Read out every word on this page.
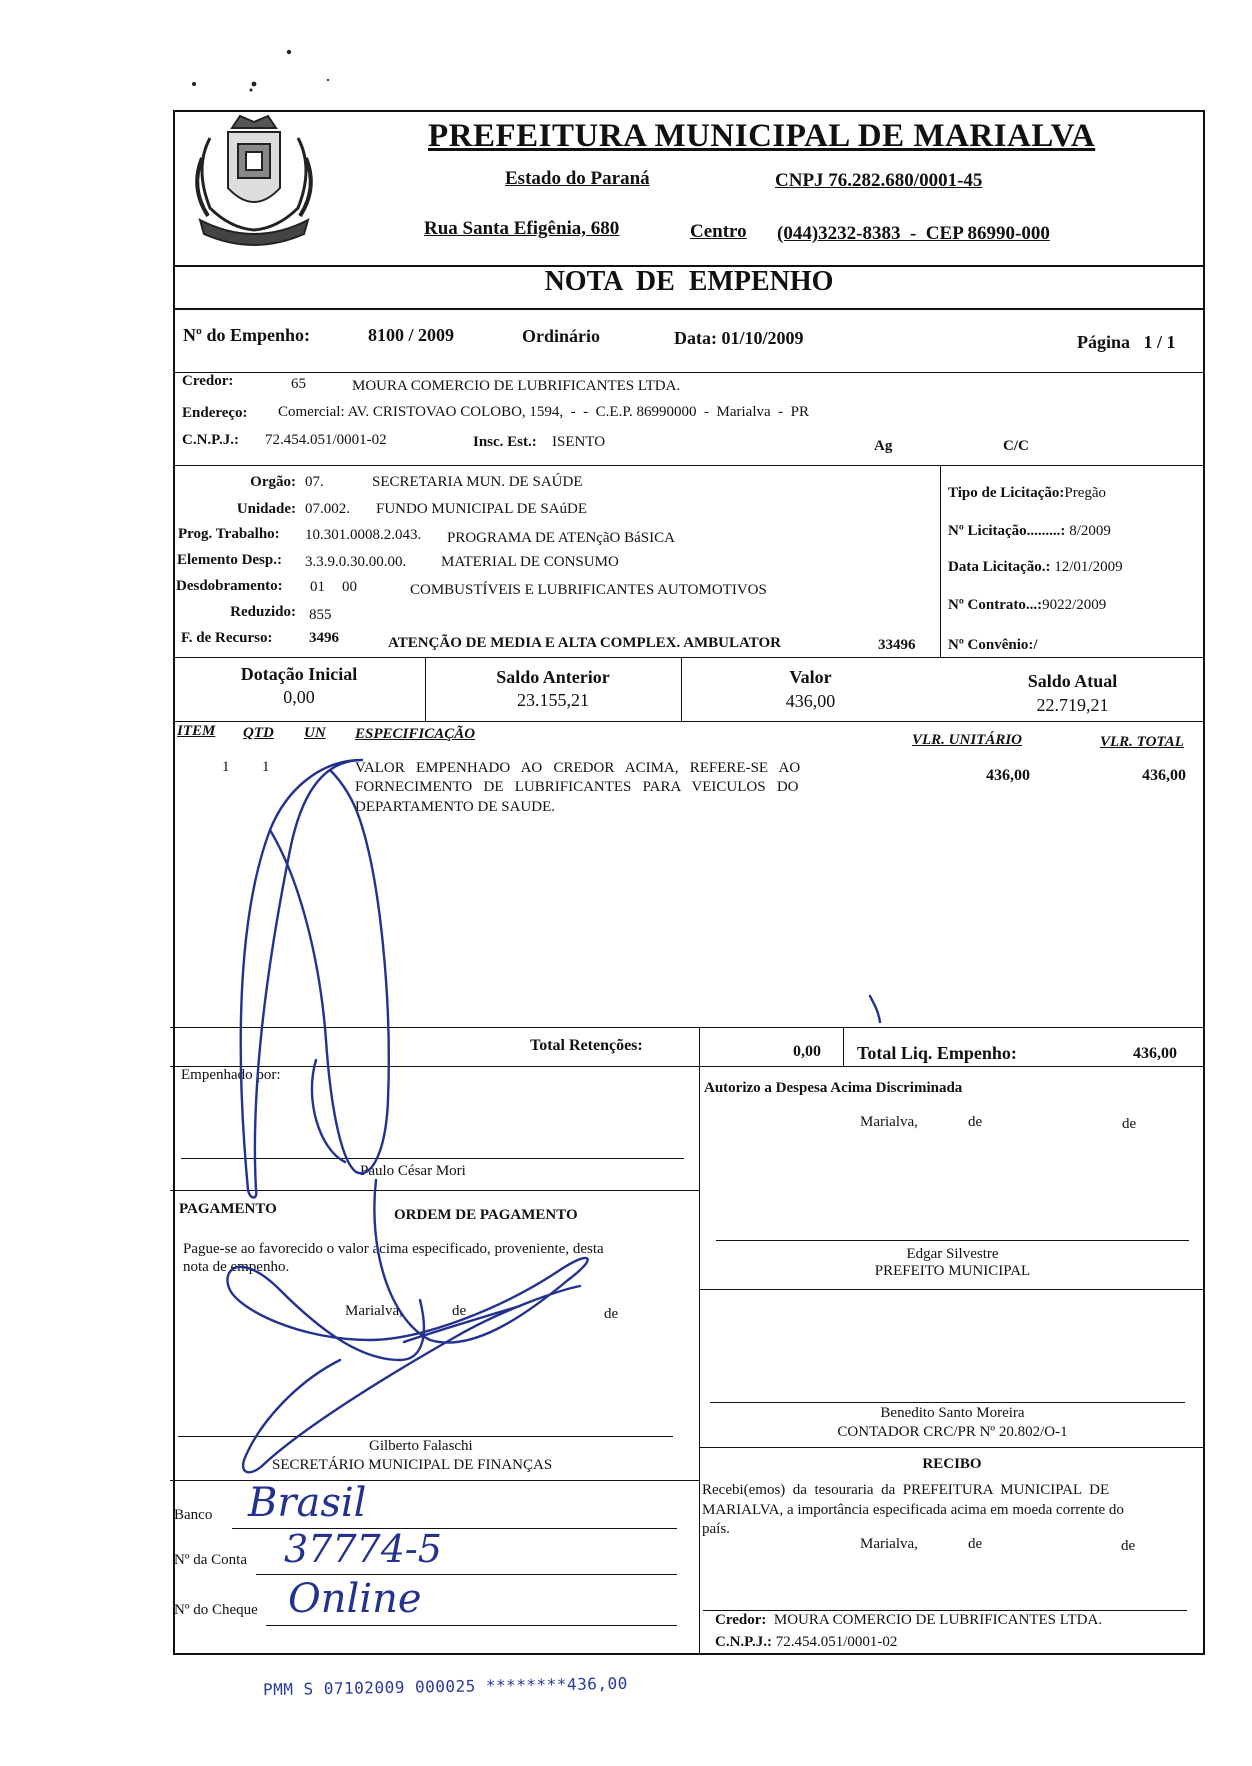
PREFEITURA MUNICIPAL DE MARIALVA
Estado do Paraná	CNPJ 76.282.680/0001-45
Rua Santa Efigênia, 680	Centro (044)3232-8383  -  CEP 86990-000
NOTA  DE  EMPENHO
Nº do Empenho:	8100 / 2009	Ordinário	Data: 01/10/2009	Página   1 / 1
Credor:	65	MOURA COMERCIO DE LUBRIFICANTES LTDA.
Endereço: Comercial: AV. CRISTOVAO COLOBO, 1594,  -  -  C.E.P. 86990000  -  Marialva  -  PR
C.N.P.J.: 72.454.051/0001-02	Insc. Est.: ISENTO	Ag	C/C
Orgão: 07.	SECRETARIA MUN. DE SAÚDE
Unidade: 07.002. FUNDO MUNICIPAL DE SAúDE
Prog. Trabalho: 10.301.0008.2.043. PROGRAMA DE ATENçãO BáSICA
Elemento Desp.: 3.3.9.0.30.00.00. MATERIAL DE CONSUMO
Desdobramento: 01 00	COMBUSTÍVEIS E LUBRIFICANTES AUTOMOTIVOS
Reduzido: 855
F. de Recurso: 3496	ATENÇÃO DE MEDIA E ALTA COMPLEX. AMBULATOR	33496
Tipo de Licitação:Pregão
Nº Licitação.........: 8/2009
Data Licitação.: 12/01/2009
Nº Contrato...:9022/2009
Nº Convênio:/
Dotação Inicial
0,00
Saldo Anterior
23.155,21
Valor
436,00
Saldo Atual
22.719,21
ITEM QTD UN ESPECIFICAÇÃO	VLR. UNITÁRIO	VLR. TOTAL
1 1	VALOR   EMPENHADO   AO   CREDOR   ACIMA,   REFERE-SE   AO
FORNECIMENTO   DE   LUBRIFICANTES   PARA   VEICULOS   DO
DEPARTAMENTO DE SAUDE.
436,00	436,00
Total Retenções:	0,00 Total Liq. Empenho:	436,00
Empenhado por:
Paulo César Mori
Autorizo a Despesa Acima Discriminada
Marialva,	de	de
Edgar Silvestre
PREFEITO MUNICIPAL
Benedito Santo Moreira
CONTADOR CRC/PR Nº 20.802/O-1
PAGAMENTO	ORDEM DE PAGAMENTO
Pague-se ao favorecido o valor acima especificado, proveniente, desta
nota de empenho.
Marialva,	de	de
Gilberto Falaschi
SECRETÁRIO MUNICIPAL DE FINANÇAS
Banco Brasil
Nº da Conta 37774-5
Nº do Cheque Online
RECIBO
Recebi(emos)  da  tesouraria  da  PREFEITURA  MUNICIPAL  DE
MARIALVA, a importância especificada acima em moeda corrente do
país.
Marialva,	de	de
Credor: MOURA COMERCIO DE LUBRIFICANTES LTDA.
C.N.P.J.: 72.454.051/0001-02
PMM S 07102009 000025 ********436,00
